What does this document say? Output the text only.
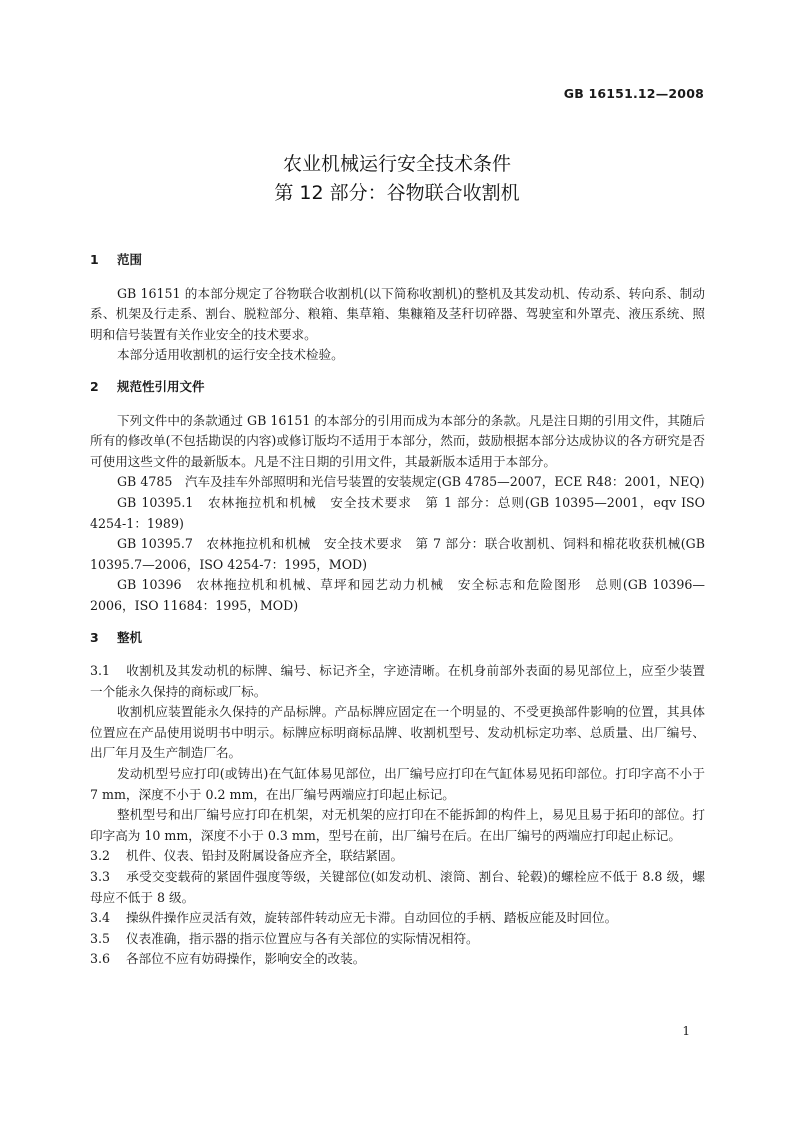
GB 16151.12—2008
农业机械运行安全技术条件
第 12 部分：谷物联合收割机
1 范围

GB 16151 的本部分规定了谷物联合收割机(以下简称收割机)的整机及其发动机、传动系、转向系、制动系、机架及行走系、割台、脱粒部分、粮箱、集草箱、集糠箱及茎秆切碎器、驾驶室和外罩壳、液压系统、照明和信号装置有关作业安全的技术要求。

本部分适用收割机的运行安全技术检验。

2 规范性引用文件

下列文件中的条款通过 GB 16151 的本部分的引用而成为本部分的条款。凡是注日期的引用文件，其随后所有的修改单(不包括勘误的内容)或修订版均不适用于本部分，然而，鼓励根据本部分达成协议的各方研究是否可使用这些文件的最新版本。凡是不注日期的引用文件，其最新版本适用于本部分。

GB 4785　汽车及挂车外部照明和光信号装置的安装规定(GB 4785—2007，ECE R48：2001，NEQ)

GB 10395.1　农林拖拉机和机械　安全技术要求　第 1 部分：总则(GB 10395—2001，eqv ISO 4254-1：1989)

GB 10395.7　农林拖拉机和机械　安全技术要求　第 7 部分：联合收割机、饲料和棉花收获机械(GB 10395.7—2006，ISO 4254-7：1995，MOD)

GB 10396　农林拖拉机和机械、草坪和园艺动力机械　安全标志和危险图形　总则(GB 10396—2006，ISO 11684：1995，MOD)

3 整机

3.1 收割机及其发动机的标牌、编号、标记齐全，字迹清晰。在机身前部外表面的易见部位上，应至少装置一个能永久保持的商标或厂标。

收割机应装置能永久保持的产品标牌。产品标牌应固定在一个明显的、不受更换部件影响的位置，其具体位置应在产品使用说明书中明示。标牌应标明商标品牌、收割机型号、发动机标定功率、总质量、出厂编号、出厂年月及生产制造厂名。

发动机型号应打印(或铸出)在气缸体易见部位，出厂编号应打印在气缸体易见拓印部位。打印字高不小于 7 mm，深度不小于 0.2 mm，在出厂编号两端应打印起止标记。

整机型号和出厂编号应打印在机架，对无机架的应打印在不能拆卸的构件上，易见且易于拓印的部位。打印字高为 10 mm，深度不小于 0.3 mm，型号在前，出厂编号在后。在出厂编号的两端应打印起止标记。

3.2 机件、仪表、铅封及附属设备应齐全，联结紧固。

3.3 承受交变载荷的紧固件强度等级，关键部位(如发动机、滚筒、割台、轮毂)的螺栓应不低于 8.8 级，螺母应不低于 8 级。

3.4 操纵件操作应灵活有效，旋转部件转动应无卡滞。自动回位的手柄、踏板应能及时回位。

3.5 仪表准确，指示器的指示位置应与各有关部位的实际情况相符。

3.6 各部位不应有妨碍操作，影响安全的改装。

1
